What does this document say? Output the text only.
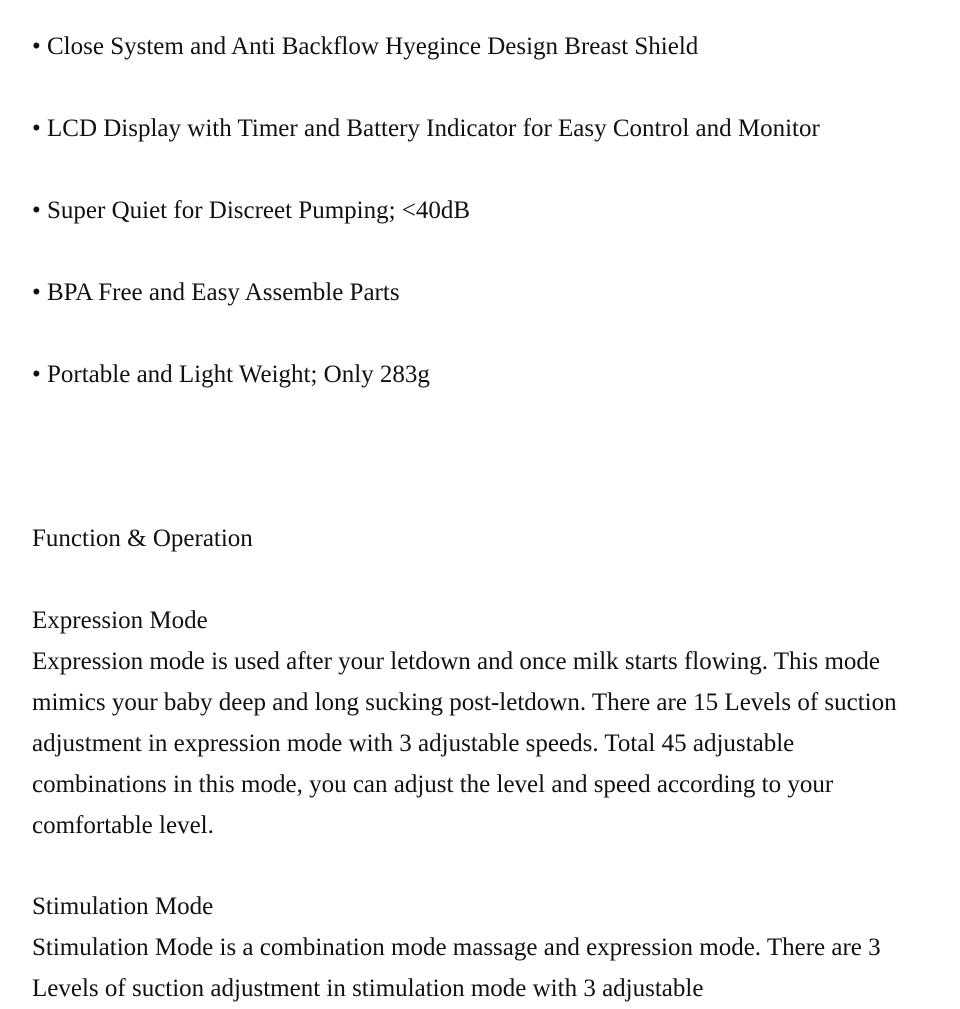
• Close System and Anti Backflow Hyegince Design Breast Shield
• LCD Display with Timer and Battery Indicator for Easy Control and Monitor
• Super Quiet for Discreet Pumping; <40dB
• BPA Free and Easy Assemble Parts
• Portable and Light Weight; Only 283g
Function & Operation
Expression Mode

Expression mode is used after your letdown and once milk starts flowing. This mode mimics your baby deep and long sucking post-letdown. There are 15 Levels of suction adjustment in expression mode with 3 adjustable speeds. Total 45 adjustable combinations in this mode, you can adjust the level and speed according to your comfortable level.

Stimulation Mode

Stimulation Mode is a combination mode massage and expression mode. There are 3 Levels of suction adjustment in stimulation mode with 3 adjustable
